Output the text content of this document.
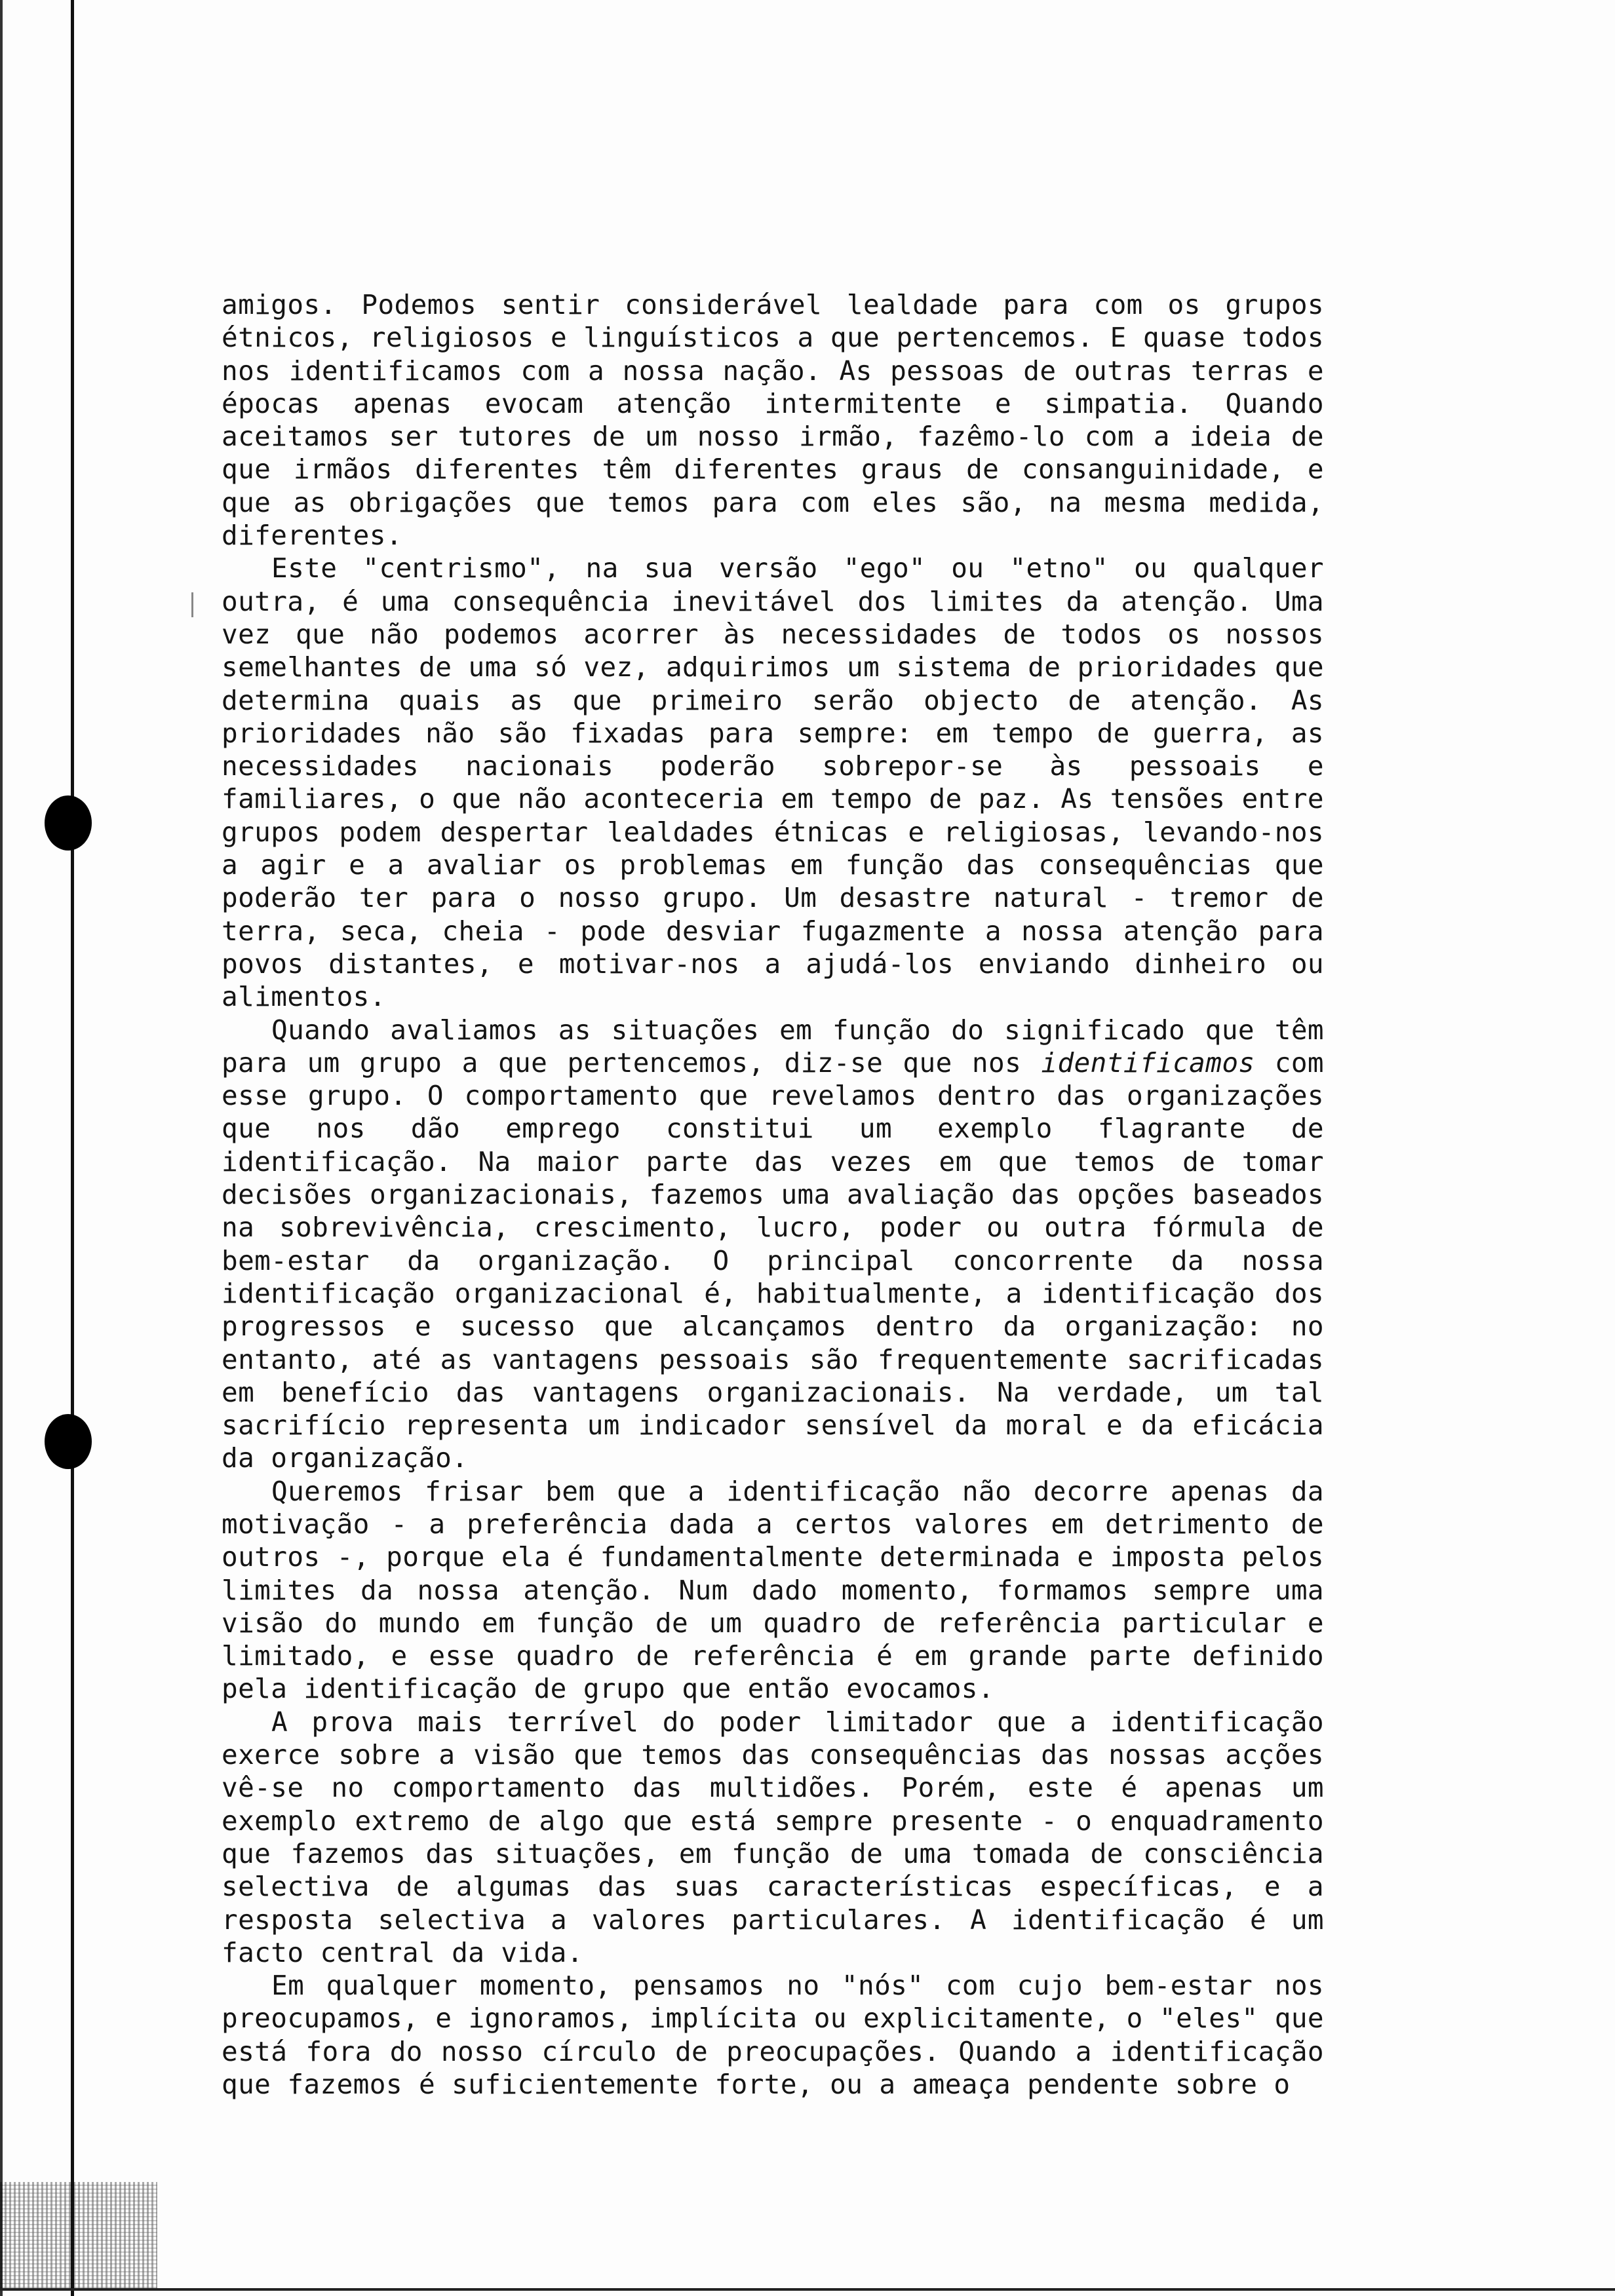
amigos. Podemos sentir considerável lealdade para com os grupos étnicos, religiosos e linguísticos a que pertencemos. E quase todos nos identificamos com a nossa nação. As pessoas de outras terras e épocas apenas evocam atenção intermitente e simpatia. Quando aceitamos ser tutores de um nosso irmão, fazêmo-lo com a ideia de que irmãos diferentes têm diferentes graus de consanguinidade, e que as obrigações que temos para com eles são, na mesma medida, diferentes.

Este "centrismo", na sua versão "ego" ou "etno" ou qualquer outra, é uma consequência inevitável dos limites da atenção. Uma vez que não podemos acorrer às necessidades de todos os nossos semelhantes de uma só vez, adquirimos um sistema de prioridades que determina quais as que primeiro serão objecto de atenção. As prioridades não são fixadas para sempre: em tempo de guerra, as necessidades nacionais poderão sobrepor-se às pessoais e familiares, o que não aconteceria em tempo de paz. As tensões entre grupos podem despertar lealdades étnicas e religiosas, levando-nos a agir e a avaliar os problemas em função das consequências que poderão ter para o nosso grupo. Um desastre natural - tremor de terra, seca, cheia - pode desviar fugazmente a nossa atenção para povos distantes, e motivar-nos a ajudá-los enviando dinheiro ou alimentos.

Quando avaliamos as situações em função do significado que têm para um grupo a que pertencemos, diz-se que nos identificamos com esse grupo. O comportamento que revelamos dentro das organizações que nos dão emprego constitui um exemplo flagrante de identificação. Na maior parte das vezes em que temos de tomar decisões organizacionais, fazemos uma avaliação das opções baseados na sobrevivência, crescimento, lucro, poder ou outra fórmula de bem-estar da organização. O principal concorrente da nossa identificação organizacional é, habitualmente, a identificação dos progressos e sucesso que alcançamos dentro da organização: no entanto, até as vantagens pessoais são frequentemente sacrificadas em benefício das vantagens organizacionais. Na verdade, um tal sacrifício representa um indicador sensível da moral e da eficácia da organização.

Queremos frisar bem que a identificação não decorre apenas da motivação - a preferência dada a certos valores em detrimento de outros -, porque ela é fundamentalmente determinada e imposta pelos limites da nossa atenção. Num dado momento, formamos sempre uma visão do mundo em função de um quadro de referência particular e limitado, e esse quadro de referência é em grande parte definido pela identificação de grupo que então evocamos.

A prova mais terrível do poder limitador que a identificação exerce sobre a visão que temos das consequências das nossas acções vê-se no comportamento das multidões. Porém, este é apenas um exemplo extremo de algo que está sempre presente - o enquadramento que fazemos das situações, em função de uma tomada de consciência selectiva de algumas das suas características específicas, e a resposta selectiva a valores particulares. A identificação é um facto central da vida.

Em qualquer momento, pensamos no "nós" com cujo bem-estar nos preocupamos, e ignoramos, implícita ou explicitamente, o "eles" que está fora do nosso círculo de preocupações. Quando a identificação que fazemos é suficientemente forte, ou a ameaça pendente sobre o
